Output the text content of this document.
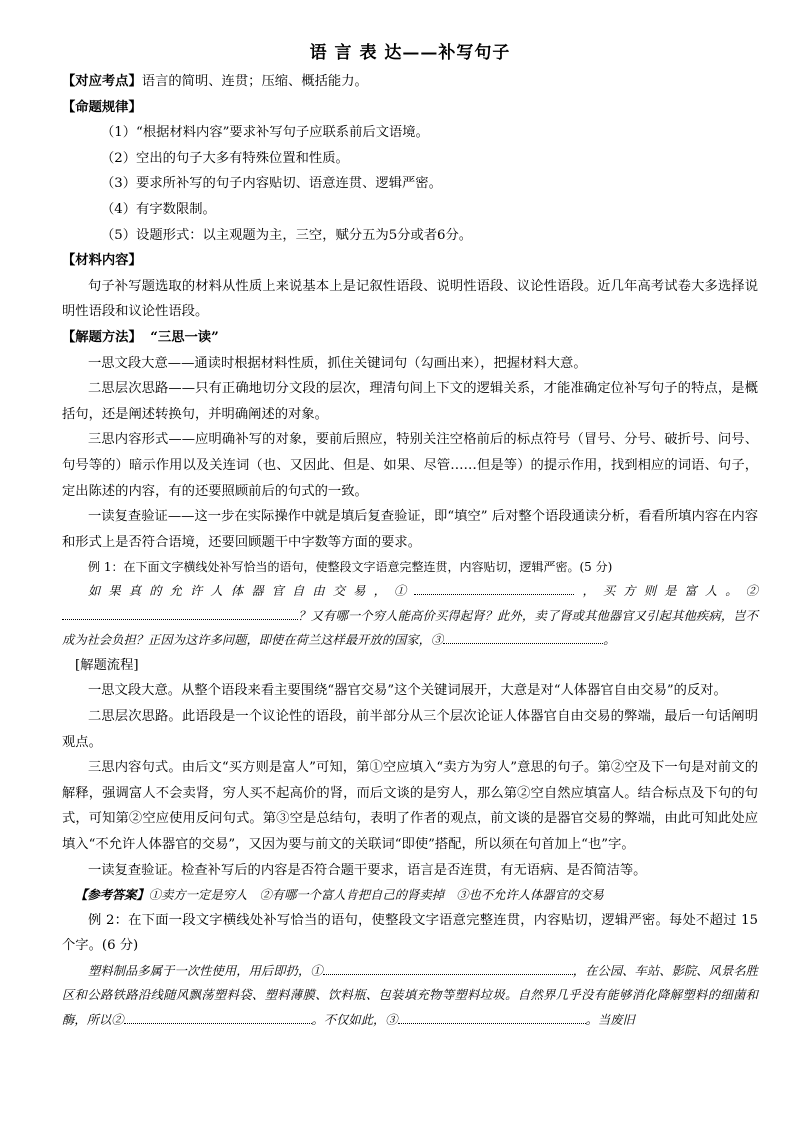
语 言 表 达——补写句子

【对应考点】语言的简明、连贯；压缩、概括能力。

【命题规律】

（1）“根据材料内容”要求补写句子应联系前后文语境。

（2）空出的句子大多有特殊位置和性质。

（3）要求所补写的句子内容贴切、语意连贯、逻辑严密。

（4）有字数限制。

（5）设题形式：以主观题为主，三空，赋分五为5分或者6分。

【材料内容】

句子补写题选取的材料从性质上来说基本上是记叙性语段、说明性语段、议论性语段。近几年高考试卷大多选择说明性语段和议论性语段。

【解题方法】 “三思一读”

一思文段大意——通读时根据材料性质，抓住关键词句（勾画出来），把握材料大意。

二思层次思路——只有正确地切分文段的层次，理清句间上下文的逻辑关系，才能准确定位补写句子的特点，是概括句，还是阐述转换句，并明确阐述的对象。

三思内容形式——应明确补写的对象，要前后照应，特别关注空格前后的标点符号（冒号、分号、破折号、问号、句号等的）暗示作用以及关连词（也、又因此、但是、如果、尽管……但是等）的提示作用，找到相应的词语、句子，定出陈述的内容，有的还要照顾前后的句式的一致。

一读复查验证——这一步在实际操作中就是填后复查验证，即“填空” 后对整个语段通读分析，看看所填内容在内容和形式上是否符合语境，还要回顾题干中字数等方面的要求。

例 1：在下面文字横线处补写恰当的语句，使整段文字语意完整连贯，内容贴切，逻辑严密。(5 分)

如果真的允许人体器官自由交易，①	，买方则是富人。②？又有哪一个穷人能高价买得起肾？此外，卖了肾或其他器官又引起其他疾病，岂不成为社会负担？正因为这许多问题，即使在荷兰这样最开放的国家，③	。

[解题流程]

一思文段大意。从整个语段来看主要围绕“器官交易”这个关键词展开，大意是对“人体器官自由交易”的反对。

二思层次思路。此语段是一个议论性的语段，前半部分从三个层次论证人体器官自由交易的弊端，最后一句话阐明观点。

三思内容句式。由后文“买方则是富人”可知，第①空应填入“卖方为穷人”意思的句子。第②空及下一句是对前文的解释，强调富人不会卖肾，穷人买不起高价的肾，而后文谈的是穷人，那么第②空自然应填富人。结合标点及下句的句式，可知第②空应使用反问句式。第③空是总结句，表明了作者的观点，前文谈的是器官交易的弊端，由此可知此处应填入“不允许人体器官的交易”，又因为要与前文的关联词“即使”搭配，所以须在句首加上“也”字。

一读复查验证。检查补写后的内容是否符合题干要求，语言是否连贯，有无语病、是否简洁等。

【参考答案】①卖方一定是穷人　②有哪一个富人肯把自己的肾卖掉　③也不允许人体器官的交易

例 2：在下面一段文字横线处补写恰当的语句，使整段文字语意完整连贯，内容贴切，逻辑严密。每处不超过 15 个字。(6 分)

塑料制品多属于一次性使用，用后即扔，①	，在公园、车站、影院、风景名胜区和公路铁路沿线随风飘荡塑料袋、塑料薄膜、饮料瓶、包装填充物等塑料垃圾。自然界几乎没有能够消化降解塑料的细菌和酶，所以②	。不仅如此，③	。当废旧
